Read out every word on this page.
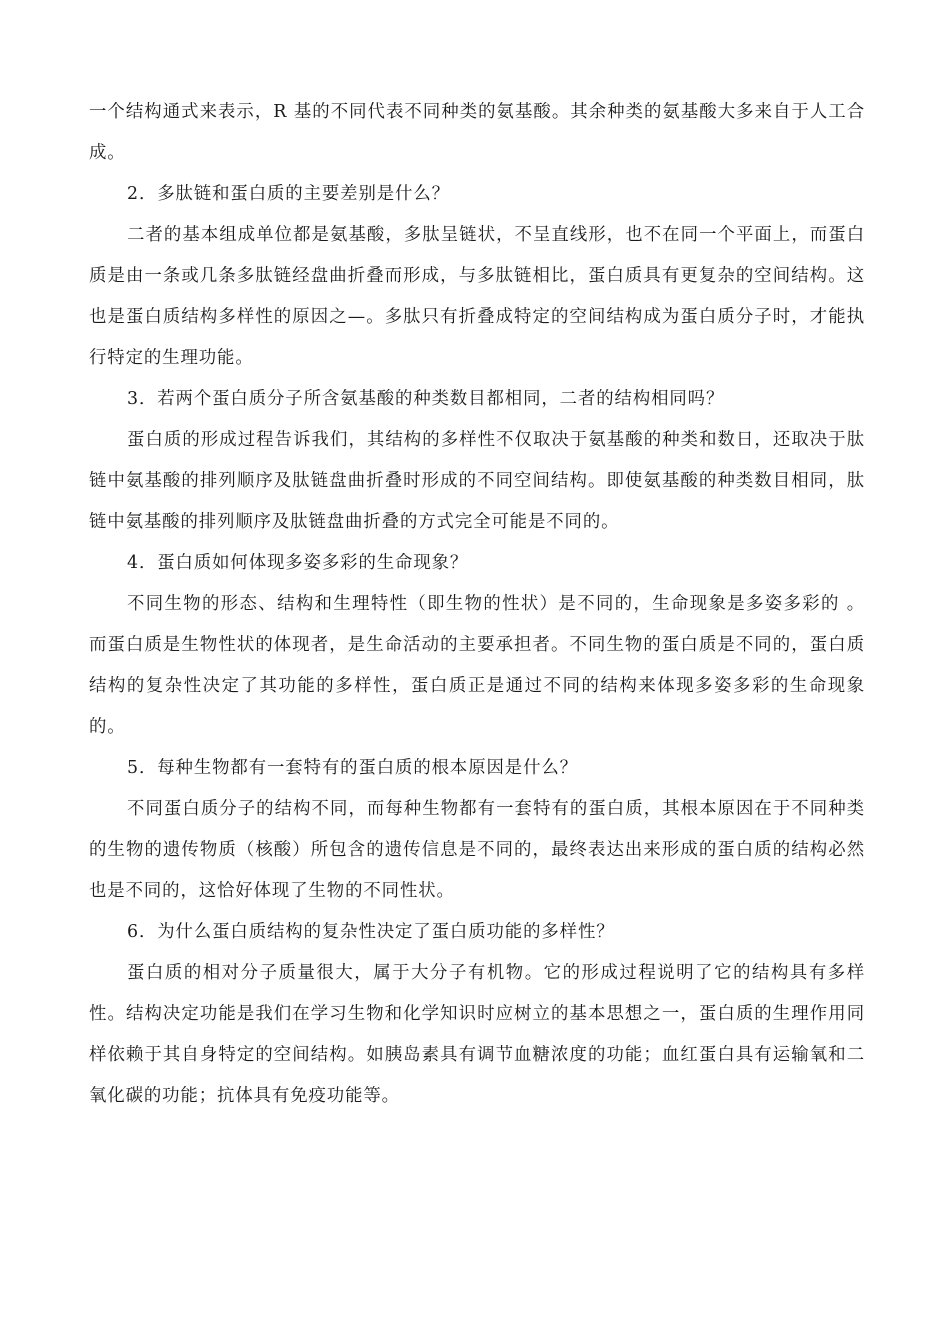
一个结构通式来表示，R 基的不同代表不同种类的氨基酸。其余种类的氨基酸大多来自于人工合成。

2．多肽链和蛋白质的主要差别是什么？

二者的基本组成单位都是氨基酸，多肽呈链状，不呈直线形，也不在同一个平面上，而蛋白质是由一条或几条多肽链经盘曲折叠而形成，与多肽链相比，蛋白质具有更复杂的空间结构。这也是蛋白质结构多样性的原因之—。多肽只有折叠成特定的空间结构成为蛋白质分子时，才能执行特定的生理功能。

3．若两个蛋白质分子所含氨基酸的种类数目都相同，二者的结构相同吗？

蛋白质的形成过程告诉我们，其结构的多样性不仅取决于氨基酸的种类和数日，还取决于肽链中氨基酸的排列顺序及肽链盘曲折叠时形成的不同空间结构。即使氨基酸的种类数目相同，肽链中氨基酸的排列顺序及肽链盘曲折叠的方式完全可能是不同的。

4．蛋白质如何体现多姿多彩的生命现象？

不同生物的形态、结构和生理特性（即生物的性状）是不同的，生命现象是多姿多彩的 。而蛋白质是生物性状的体现者，是生命活动的主要承担者。不同生物的蛋白质是不同的，蛋白质结构的复杂性决定了其功能的多样性，蛋白质正是通过不同的结构来体现多姿多彩的生命现象的。

5．每种生物都有一套特有的蛋白质的根本原因是什么？

不同蛋白质分子的结构不同，而每种生物都有一套特有的蛋白质，其根本原因在于不同种类的生物的遗传物质（核酸）所包含的遗传信息是不同的，最终表达出来形成的蛋白质的结构必然也是不同的，这恰好体现了生物的不同性状。

6．为什么蛋白质结构的复杂性决定了蛋白质功能的多样性？

蛋白质的相对分子质量很大，属于大分子有机物。它的形成过程说明了它的结构具有多样性。结构决定功能是我们在学习生物和化学知识时应树立的基本思想之一，蛋白质的生理作用同样依赖于其自身特定的空间结构。如胰岛素具有调节血糖浓度的功能；血红蛋白具有运输氧和二氧化碳的功能；抗体具有免疫功能等。
